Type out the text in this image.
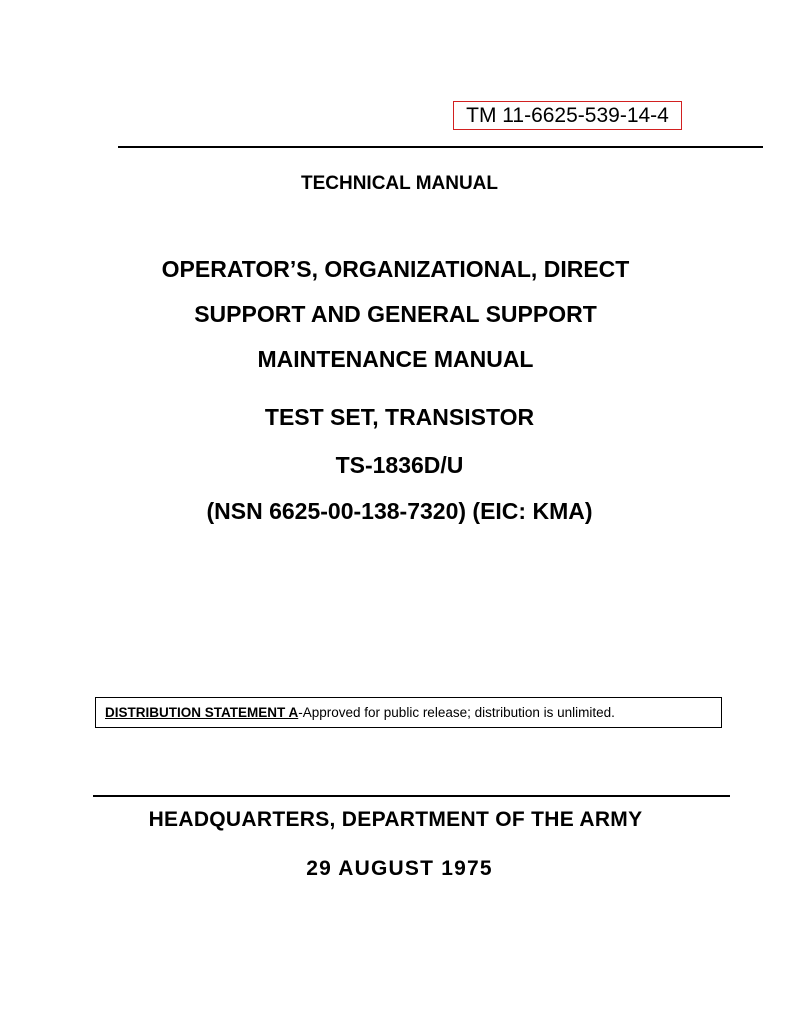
TM 11-6625-539-14-4
TECHNICAL MANUAL
OPERATOR’S, ORGANIZATIONAL, DIRECT
SUPPORT AND GENERAL SUPPORT
MAINTENANCE MANUAL
TEST SET, TRANSISTOR
TS-1836D/U
(NSN 6625-00-138-7320) (EIC: KMA)
DISTRIBUTION STATEMENT A-Approved for public release; distribution is unlimited.
HEADQUARTERS, DEPARTMENT OF THE ARMY
29 AUGUST 1975
